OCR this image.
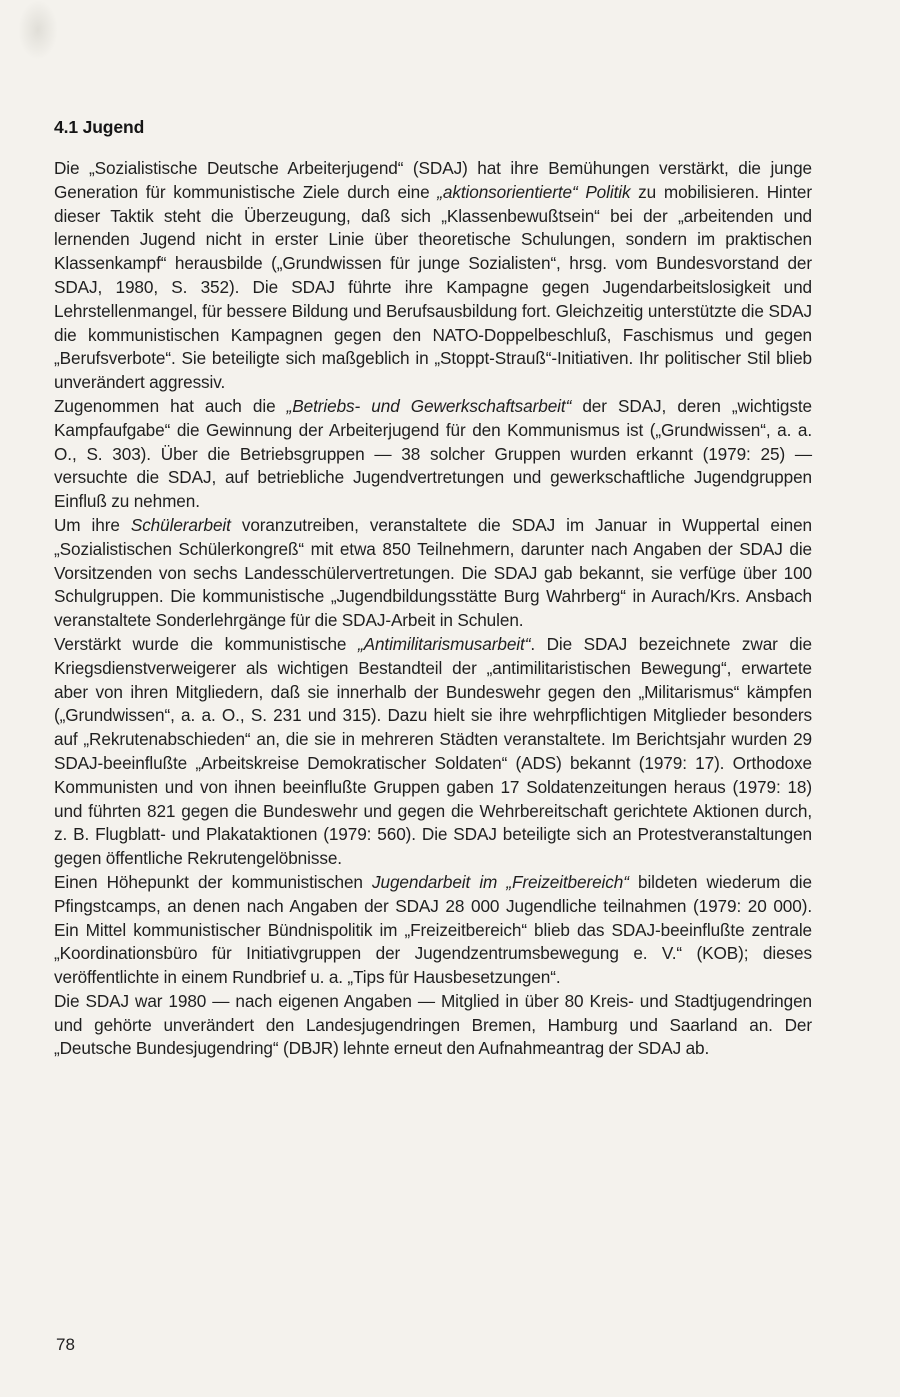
4.1 Jugend

Die „Sozialistische Deutsche Arbeiterjugend“ (SDAJ) hat ihre Bemühungen verstärkt, die junge Generation für kommunistische Ziele durch eine „aktionsorientierte“ Politik zu mobilisieren. Hinter dieser Taktik steht die Überzeugung, daß sich „Klassenbewußtsein“ bei der „arbeitenden und lernenden Jugend nicht in erster Linie über theoretische Schulungen, sondern im praktischen Klassenkampf“ herausbilde („Grundwissen für junge Sozialisten“, hrsg. vom Bundesvorstand der SDAJ, 1980, S. 352). Die SDAJ führte ihre Kampagne gegen Jugendarbeitslosigkeit und Lehrstellenmangel, für bessere Bildung und Berufsausbildung fort. Gleichzeitig unterstützte die SDAJ die kommunistischen Kampagnen gegen den NATO-Doppelbeschluß, Faschismus und gegen „Berufsverbote“. Sie beteiligte sich maßgeblich in „Stoppt-Strauß“-Initiativen. Ihr politischer Stil blieb unverändert aggressiv.

Zugenommen hat auch die „Betriebs- und Gewerkschaftsarbeit“ der SDAJ, deren „wichtigste Kampfaufgabe“ die Gewinnung der Arbeiterjugend für den Kommunismus ist („Grundwissen“, a. a. O., S. 303). Über die Betriebsgruppen — 38 solcher Gruppen wurden erkannt (1979: 25) — versuchte die SDAJ, auf betriebliche Jugendvertretungen und gewerkschaftliche Jugendgruppen Einfluß zu nehmen.

Um ihre Schülerarbeit voranzutreiben, veranstaltete die SDAJ im Januar in Wuppertal einen „Sozialistischen Schülerkongreß“ mit etwa 850 Teilnehmern, darunter nach Angaben der SDAJ die Vorsitzenden von sechs Landesschülervertretungen. Die SDAJ gab bekannt, sie verfüge über 100 Schulgruppen. Die kommunistische „Jugendbildungsstätte Burg Wahrberg“ in Aurach/Krs. Ansbach veranstaltete Sonderlehrgänge für die SDAJ-Arbeit in Schulen.

Verstärkt wurde die kommunistische „Antimilitarismusarbeit“. Die SDAJ bezeichnete zwar die Kriegsdienstverweigerer als wichtigen Bestandteil der „antimilitaristischen Bewegung“, erwartete aber von ihren Mitgliedern, daß sie innerhalb der Bundeswehr gegen den „Militarismus“ kämpfen („Grundwissen“, a. a. O., S. 231 und 315). Dazu hielt sie ihre wehrpflichtigen Mitglieder besonders auf „Rekrutenabschieden“ an, die sie in mehreren Städten veranstaltete. Im Berichtsjahr wurden 29 SDAJ-beeinflußte „Arbeitskreise Demokratischer Soldaten“ (ADS) bekannt (1979: 17). Orthodoxe Kommunisten und von ihnen beeinflußte Gruppen gaben 17 Soldatenzeitungen heraus (1979: 18) und führten 821 gegen die Bundeswehr und gegen die Wehrbereitschaft gerichtete Aktionen durch, z. B. Flugblatt- und Plakataktionen (1979: 560). Die SDAJ beteiligte sich an Protestveranstaltungen gegen öffentliche Rekrutengelöbnisse.

Einen Höhepunkt der kommunistischen Jugendarbeit im „Freizeitbereich“ bildeten wiederum die Pfingstcamps, an denen nach Angaben der SDAJ 28 000 Jugendliche teilnahmen (1979: 20 000). Ein Mittel kommunistischer Bündnispolitik im „Freizeitbereich“ blieb das SDAJ-beeinflußte zentrale „Koordinationsbüro für Initiativgruppen der Jugendzentrumsbewegung e. V.“ (KOB); dieses veröffentlichte in einem Rundbrief u. a. „Tips für Hausbesetzungen“.

Die SDAJ war 1980 — nach eigenen Angaben — Mitglied in über 80 Kreis- und Stadtjugendringen und gehörte unverändert den Landesjugendringen Bremen, Hamburg und Saarland an. Der „Deutsche Bundesjugendring“ (DBJR) lehnte erneut den Aufnahmeantrag der SDAJ ab.

78
